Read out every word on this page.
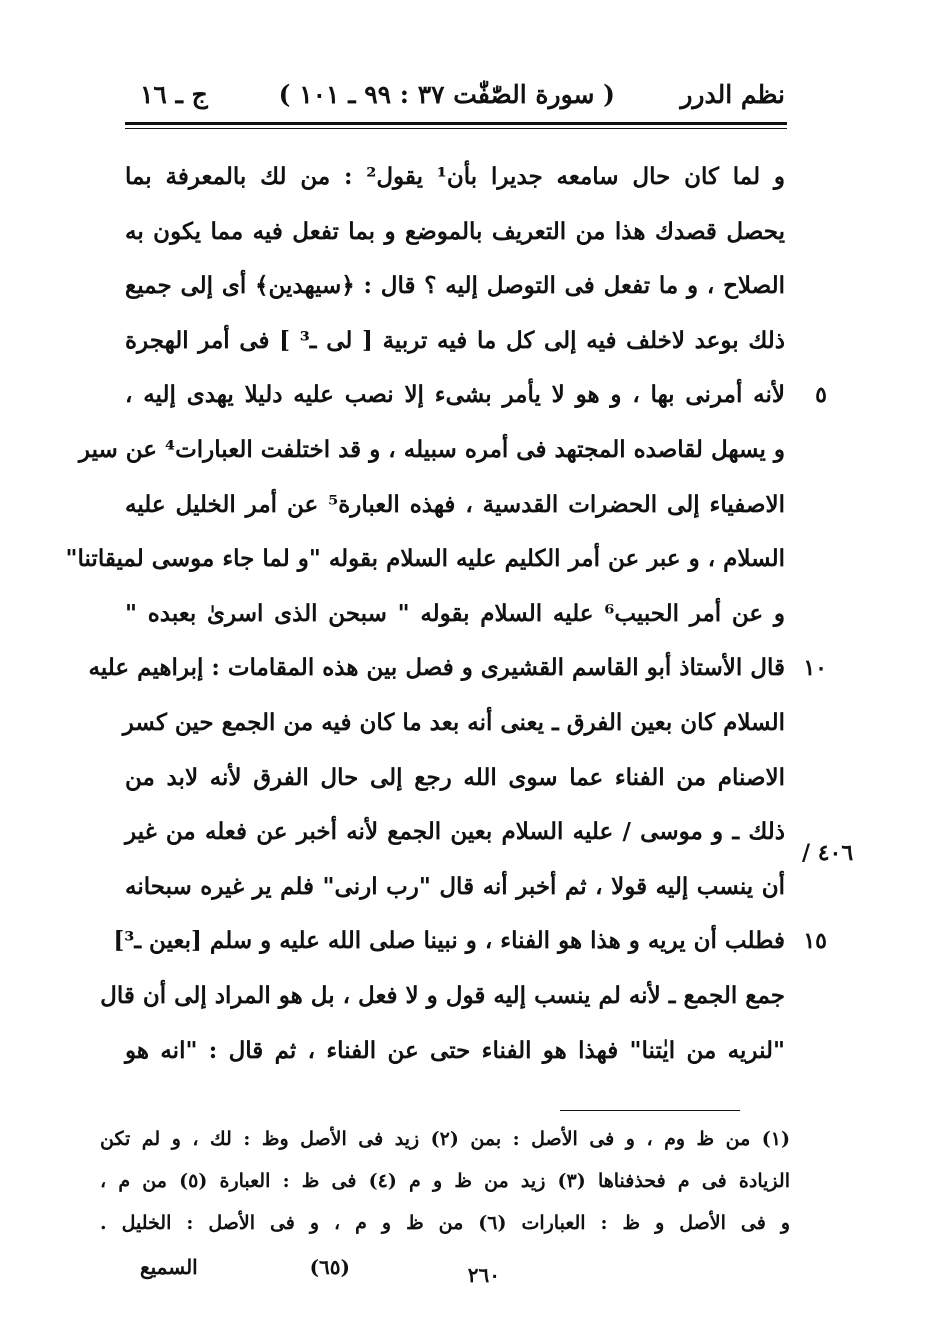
نظم الدرر
( سورة الصّٰفّٰت ٣٧ : ٩٩ ـ ١٠١ )
ج ـ ١٦
و لما كان حال سامعه جديرا بأن¹ يقول² : من لك بالمعرفة بما
يحصل قصدك هذا من التعريف بالموضع و بما تفعل فيه مما يكون به
الصلاح ، و ما تفعل فى التوصل إليه ؟ قال : ﴿سيهدين﴾ أى إلى جميع
ذلك بوعد لاخلف فيه إلى كل ما فيه تربية [ لى ـ³ ] فى أمر الهجرة
لأنه أمرنى بها ، و هو لا يأمر بشىء إلا نصب عليه دليلا يهدى إليه ،	٥
و يسهل لقاصده المجتهد فى أمره سبيله ، و قد اختلفت العبارات⁴ عن سير
الاصفياء إلى الحضرات القدسية ، فهذه العبارة⁵ عن أمر الخليل عليه
السلام ، و عبر عن أمر الكليم عليه السلام بقوله "و لما جاء موسى لميقاتنا"
و عن أمر الحبيب⁶ عليه السلام بقوله " سبحن الذى اسرىٰ بعبده "
قال الأستاذ أبو القاسم القشيرى و فصل بين هذه المقامات : إبراهيم عليه ١٠
السلام كان بعين الفرق ـ يعنى أنه بعد ما كان فيه من الجمع حين كسر
الاصنام من الفناء عما سوى الله رجع إلى حال الفرق لأنه لابد من
ذلك ـ و موسى / عليه السلام بعين الجمع لأنه أخبر عن فعله من غير
أن ينسب إليه قولا ، ثم أخبر أنه قال "رب ارنى" فلم ير غيره سبحانه
فطلب أن يريه و هذا هو الفناء ، و نبينا صلى الله عليه و سلم [بعين ـ³] ١٥
جمع الجمع ـ لأنه لم ينسب إليه قول و لا فعل ، بل هو المراد إلى أن قال
"لنريه من ايٰتنا" فهذا هو الفناء حتى عن الفناء ، ثم قال : "انه هو
٤٠٦ /
(١) من ظ وم ، و فى الأصل : بمن (٢) زيد فى الأصل وظ : لك ، و لم تكن
الزيادة فى م فحذفناها (٣) زيد من ظ و م (٤) فى ظ : العبارة (٥) من م ،
و فى الأصل و ظ : العبارات (٦) من ظ و م ، و فى الأصل : الخليل .
٢٦٠
(٦٥)
السميع
